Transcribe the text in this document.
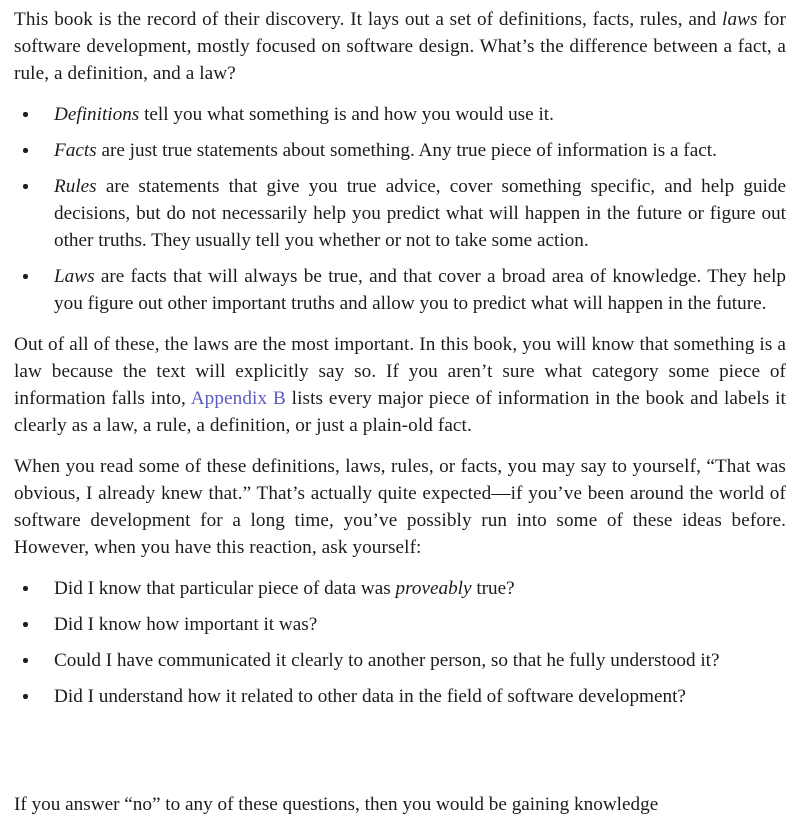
This book is the record of their discovery. It lays out a set of definitions, facts, rules, and laws for software development, mostly focused on software design. What’s the difference between a fact, a rule, a definition, and a law?

Definitions tell you what something is and how you would use it.
Facts are just true statements about something. Any true piece of information is a fact.
Rules are statements that give you true advice, cover something specific, and help guide decisions, but do not necessarily help you predict what will happen in the future or figure out other truths. They usually tell you whether or not to take some action.
Laws are facts that will always be true, and that cover a broad area of knowledge. They help you figure out other important truths and allow you to predict what will happen in the future.

Out of all of these, the laws are the most important. In this book, you will know that something is a law because the text will explicitly say so. If you aren’t sure what category some piece of information falls into, Appendix B lists every major piece of information in the book and labels it clearly as a law, a rule, a definition, or just a plain-old fact.

When you read some of these definitions, laws, rules, or facts, you may say to yourself, “That was obvious, I already knew that.” That’s actually quite expected—if you’ve been around the world of software development for a long time, you’ve possibly run into some of these ideas before. However, when you have this reaction, ask yourself:

Did I know that particular piece of data was proveably true?
Did I know how important it was?
Could I have communicated it clearly to another person, so that he fully understood it?
Did I understand how it related to other data in the field of software development?

If you answer “no” to any of these questions, then you would be gaining knowledge
